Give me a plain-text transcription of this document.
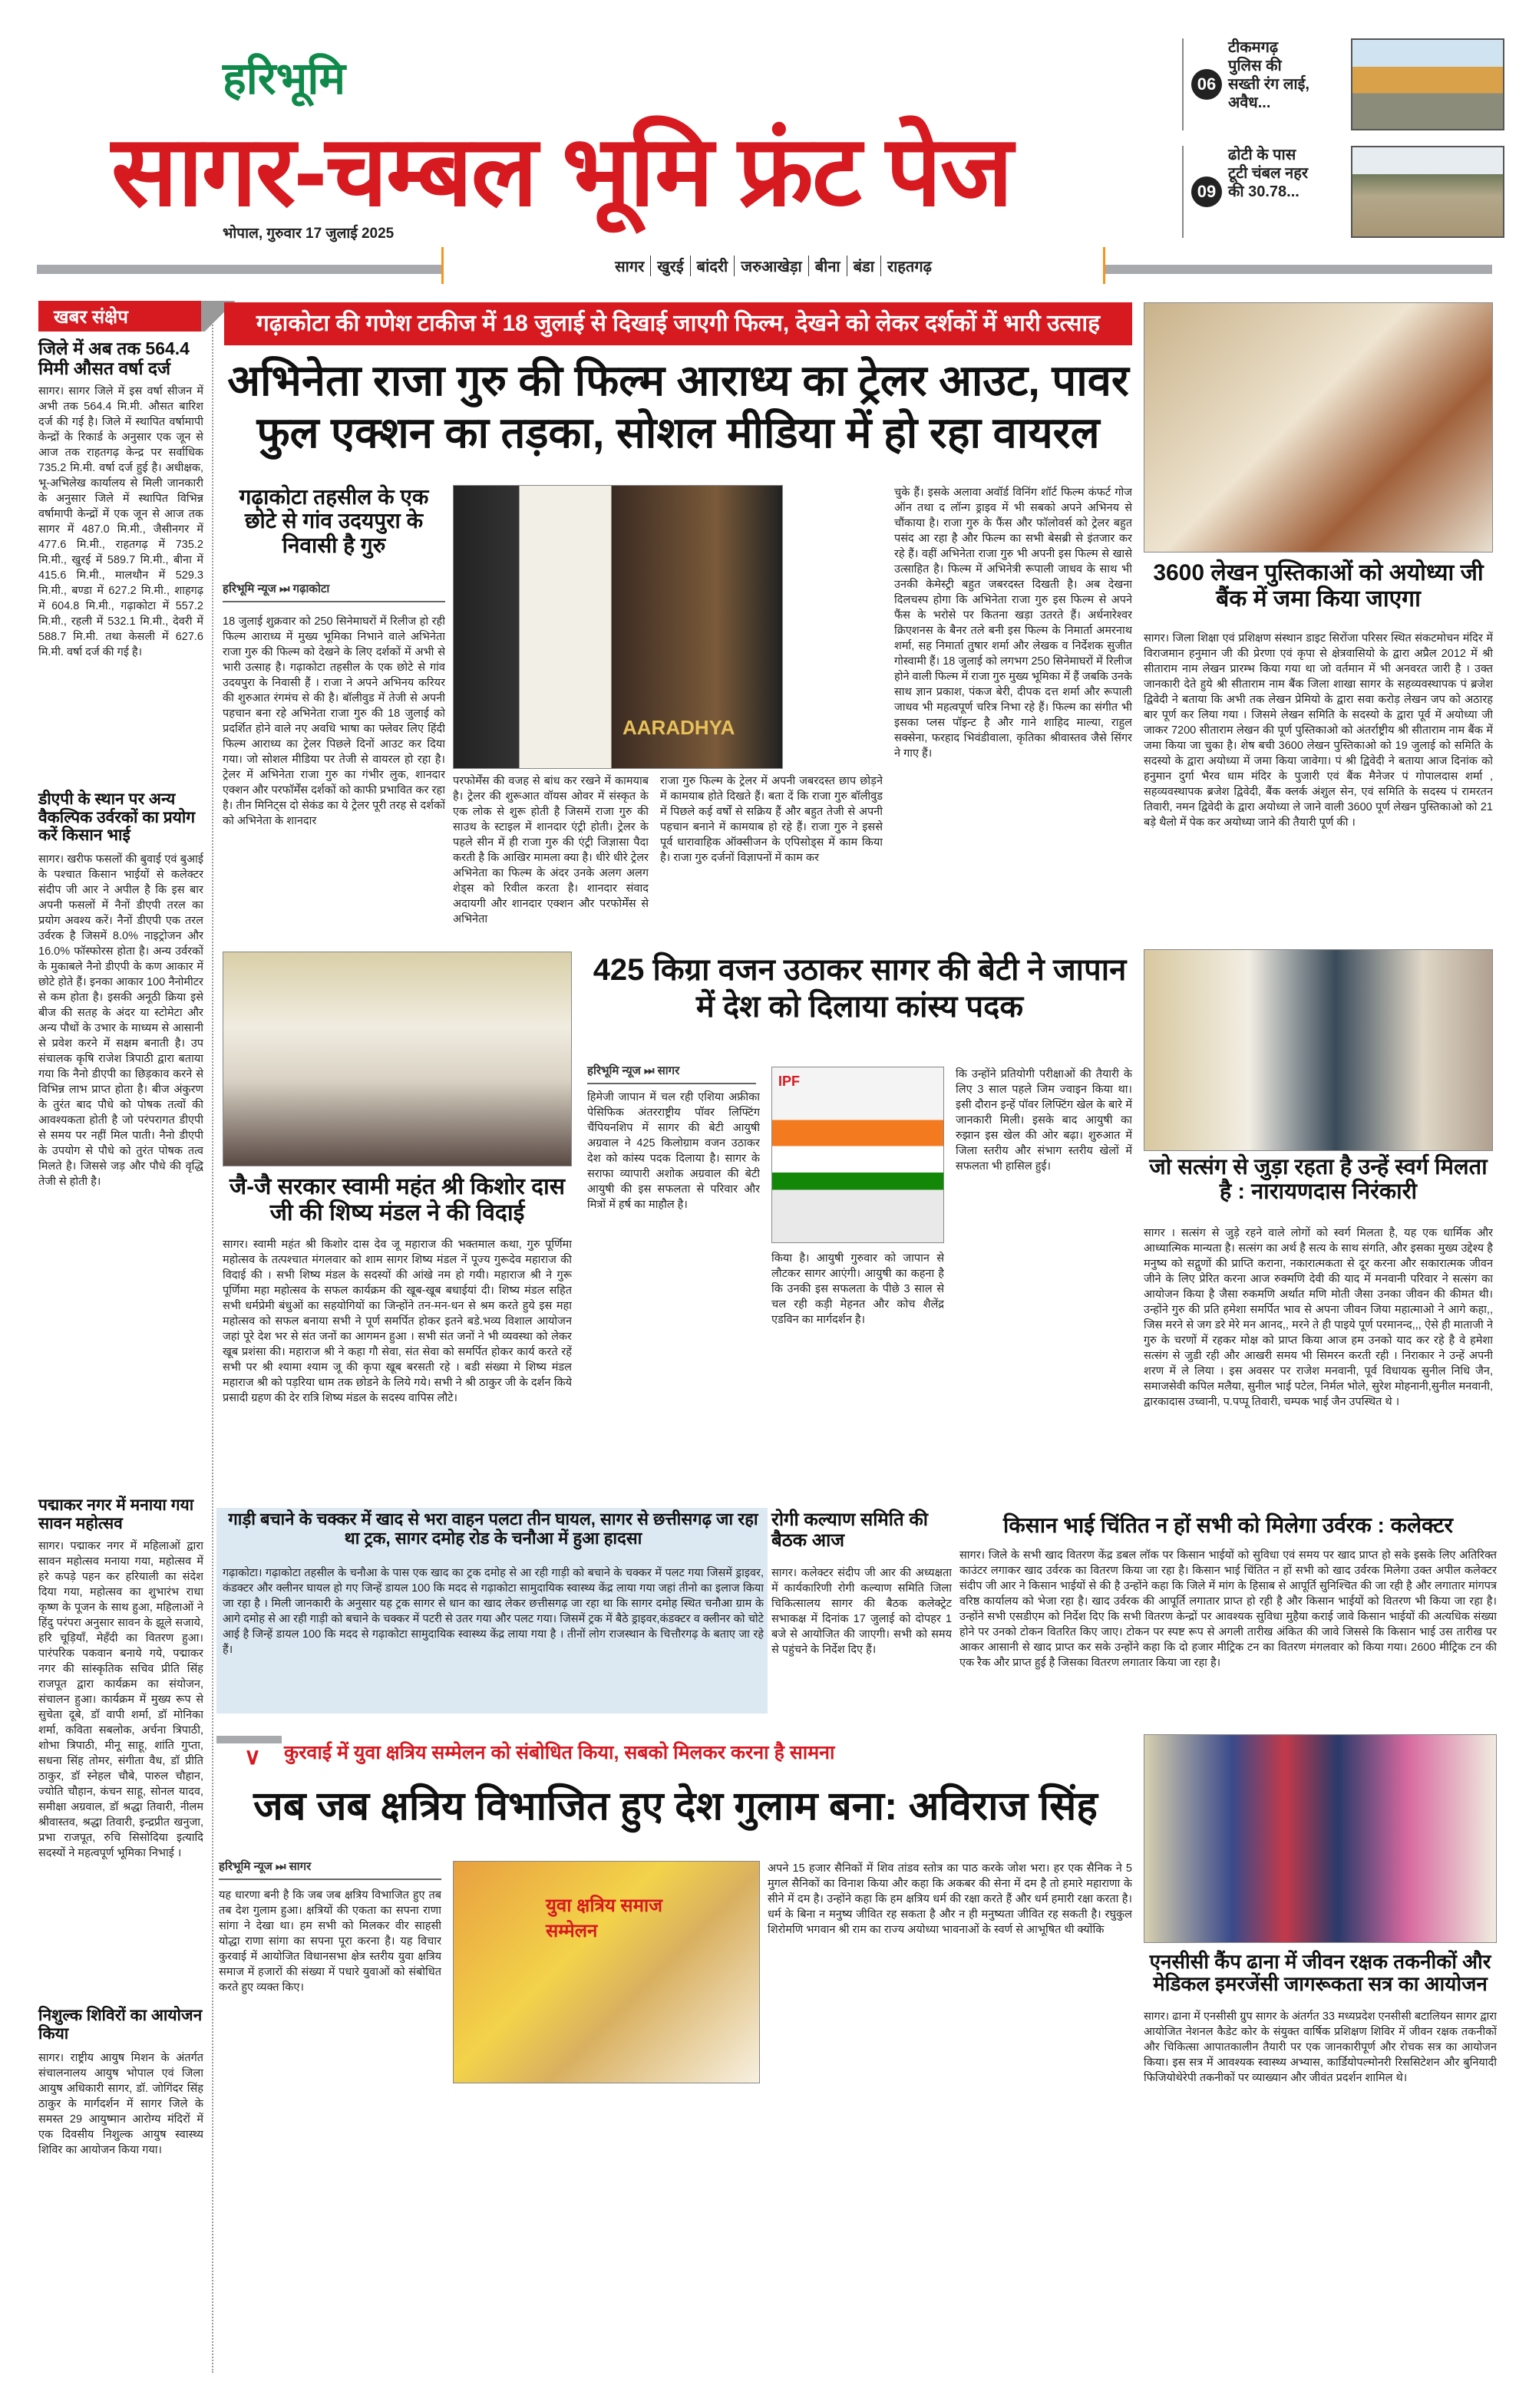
हरिभूमि
सागर-चम्बल भूमि फ्रंट पेज
भोपाल, गुरुवार 17 जुलाई 2025
06
टीकमगढ़ पुलिस की सख्ती रंग लाई, अवैध...
09
ढोटी के पास टूटी चंबल नहर की 30.78...
सागर खुरई बांदरी जरुआखेड़ा बीना बंडा राहतगढ़
खबर संक्षेप
जिले में अब तक 564.4 मिमी औसत वर्षा दर्ज
सागर। सागर जिले में इस वर्षा सीजन में अभी तक 564.4 मि.मी. औसत बारिश दर्ज की गई है। जिले में स्थापित वर्षामापी केन्द्रों के रिकार्ड के अनुसार एक जून से आज तक राहतगढ़ केन्द्र पर सर्वाधिक 735.2 मि.मी. वर्षा दर्ज हुई है। अधीक्षक, भू-अभिलेख कार्यालय से मिली जानकारी के अनुसार जिले में स्थापित विभिन्न वर्षामापी केन्द्रों में एक जून से आज तक सागर में 487.0 मि.मी., जैसीनगर में 477.6 मि.मी., राहतगढ़ में 735.2 मि.मी., खुरई में 589.7 मि.मी., बीना में 415.6 मि.मी., मालथौन में 529.3 मि.मी., बण्डा में 627.2 मि.मी., शाहगढ़ में 604.8 मि.मी., गढ़ाकोटा में 557.2 मि.मी., रहली में 532.1 मि.मी., देवरी में 588.7 मि.मी. तथा केसली में 627.6 मि.मी. वर्षा दर्ज की गई है।
डीएपी के स्थान पर अन्य वैकल्पिक उर्वरकों का प्रयोग करें किसान भाई
सागर। खरीफ फसलों की बुवाई एवं बुआई के पश्चात किसान भाईयों से कलेक्टर संदीप जी आर ने अपील है कि इस बार अपनी फसलों में नैनों डीएपी तरल का प्रयोग अवश्य करें। नैनों डीएपी एक तरल उर्वरक है जिसमें 8.0% नाइट्रोजन और 16.0% फॉस्फोरस होता है। अन्य उर्वरकों के मुकाबले नैनो डीएपी के कण आकार में छोटे होते हैं। इनका आकार 100 नैनोमीटर से कम होता है। इसकी अनूठी क्रिया इसे बीज की सतह के अंदर या स्टोमेटा और अन्य पौधों के उभार के माध्यम से आसानी से प्रवेश करने में सक्षम बनाती है। उप संचालक कृषि राजेश त्रिपाठी द्वारा बताया गया कि नैनो डीएपी का छिड़काव करने से विभिन्न लाभ प्राप्त होता है। बीज अंकुरण के तुरंत बाद पौधे को पोषक तत्वों की आवश्यकता होती है जो परंपरागत डीएपी से समय पर नहीं मिल पाती। नैनो डीएपी के उपयोग से पौधे को तुरंत पोषक तत्व मिलते है। जिससे जड़ और पौधे की वृद्धि तेजी से होती है।
पद्माकर नगर में मनाया गया सावन महोत्सव
सागर। पद्माकर नगर में महिलाओं द्वारा सावन महोत्सव मनाया गया, महोत्सव में हरे कपड़े पहन कर हरियाली का संदेश दिया गया, महोत्सव का शुभारंभ राधा कृष्ण के पूजन के साथ हुआ, महिलाओं ने हिंदु परंपरा अनुसार सावन के झूले सजाये, हरि चूड़ियाँ, मेहँदी का वितरण हुआ। पारंपरिक पकवान बनाये गये, पद्माकर नगर की सांस्कृतिक सचिव प्रीति सिंह राजपूत द्वारा कार्यक्रम का संयोजन, संचालन हुआ। कार्यक्रम में मुख्य रूप से सुचेता दूबे, डॉ वापी शर्मा, डॉ मोनिका शर्मा, कविता सबलोक, अर्चना त्रिपाठी, शोभा त्रिपाठी, मीनू साहू, शांति गुप्ता, सधना सिंह तोमर, संगीता वैध, डॉ प्रीति ठाकुर, डॉ स्नेहल चौबे, पारुल चौहान, ज्योति चौहान, कंचन साहू, सोनल यादव, समीक्षा अग्रवाल, डॉ श्रद्धा तिवारी, नीलम श्रीवास्तव, श्रद्धा तिवारी, इन्द्रप्रीत खनुजा, प्रभा राजपूत, रुचि सिसोदिया इत्यादि सदस्यों ने महत्वपूर्ण भूमिका निभाई ।
निशुल्क शिविरों का आयोजन किया
सागर। राष्ट्रीय आयुष मिशन के अंतर्गत संचालनालय आयुष भोपाल एवं जिला आयुष अधिकारी सागर, डॉ. जोगिंदर सिंह ठाकुर के मार्गदर्शन में सागर जिले के समस्त 29 आयुष्मान आरोग्य मंदिरों में एक दिवसीय निशुल्क आयुष स्वास्थ्य शिविर का आयोजन किया गया।
गढ़ाकोटा की गणेश टाकीज में 18 जुलाई से दिखाई जाएगी फिल्म, देखने को लेकर दर्शकों में भारी उत्साह
अभिनेता राजा गुरु की फिल्म आराध्य का ट्रेलर आउट, पावर फुल एक्शन का तड़का, सोशल मीडिया में हो रहा वायरल
गढ़ाकोटा तहसील के एक छोटे से गांव उदयपुरा के निवासी है गुरु
हरिभूमि न्यूज ⏭ गढ़ाकोटा
AARADHYA
18 जुलाई शुक्रवार को 250 सिनेमाघरों में रिलीज हो रही फिल्म आराध्य में मुख्य भूमिका निभाने वाले अभिनेता राजा गुरु की फिल्म को देखने के लिए दर्शकों में अभी से भारी उत्साह है। गढ़ाकोटा तहसील के एक छोटे से गांव उदयपुरा के निवासी हैं । राजा ने अपने अभिनय करियर की शुरुआत रंगमंच से की है। बॉलीवुड में तेजी से अपनी पहचान बना रहे अभिनेता राजा गुरु की 18 जुलाई को प्रदर्शित होने वाले नए अवधि भाषा का फ्लेवर लिए हिंदी फिल्म आराध्य का ट्रेलर पिछले दिनों आउट कर दिया गया। जो सोशल मीडिया पर तेजी से वायरल हो रहा है। ट्रेलर में अभिनेता राजा गुरु का गंभीर लुक, शानदार एक्शन और परफॉर्मेंस दर्शकों को काफी प्रभावित कर रहा है। तीन मिनिट्स दो सेकंड का ये ट्रेलर पूरी तरह से दर्शकों को अभिनेता के शानदार
परफोर्मेंस की वजह से बांध कर रखने में कामयाब है। ट्रेलर की शुरूआत वॉयस ओवर में संस्कृत के एक लोक से शुरू होती है जिसमें राजा गुरु की साउथ के स्टाइल में शानदार एंट्री होती। ट्रेलर के पहले सीन में ही राजा गुरु की एंट्री जिज्ञासा पैदा करती है कि आखिर मामला क्या है। धीरे धीरे ट्रेलर अभिनेता का फिल्म के अंदर उनके अलग अलग शेड्स को रिवील करता है। शानदार संवाद अदायगी और शानदार एक्शन और परफोर्मेंस से अभिनेता
राजा गुरु फिल्म के ट्रेलर में अपनी जबरदस्त छाप छोड़ने में कामयाब होते दिखते हैं। बता दें कि राजा गुरु बॉलीवुड में पिछले कई वर्षों से सक्रिय हैं और बहुत तेजी से अपनी पहचान बनाने में कामयाब हो रहे हैं। राजा गुरु ने इससे पूर्व धारावाहिक ऑक्सीजन के एपिसोड्स में काम किया है। राजा गुरु दर्जनों विज्ञापनों में काम कर
चुके हैं। इसके अलावा अवॉर्ड विनिंग शॉर्ट फिल्म कंफर्ट गोज ऑन तथा द लॉन्ग ड्राइव में भी सबको अपने अभिनय से चौंकाया है। राजा गुरु के फैंस और फॉलोवर्स को ट्रेलर बहुत पसंद आ रहा है और फिल्म का सभी बेसब्री से इंतजार कर रहे हैं। वहीं अभिनेता राजा गुरु भी अपनी इस फिल्म से खासे उत्साहित है। फिल्म में अभिनेत्री रूपाली जाधव के साथ भी उनकी केमेस्ट्री बहुत जबरदस्त दिखती है। अब देखना दिलचस्प होगा कि अभिनेता राजा गुरु इस फिल्म से अपने फैंस के भरोसे पर कितना खड़ा उतरते हैं। अर्धनारेश्वर क्रिएशनस के बैनर तले बनी इस फिल्म के निमार्ता अमरनाथ शर्मा, सह निमार्ता तुषार शर्मा और लेखक व निर्देशक सुजीत गोस्वामी हैं। 18 जुलाई को लगभग 250 सिनेमाघरों में रिलीज होने वाली फिल्म में राजा गुरु मुख्य भूमिका में हैं जबकि उनके साथ ज्ञान प्रकाश, पंकज बेरी, दीपक दत्त शर्मा और रूपाली जाधव भी महत्वपूर्ण चरित्र निभा रहे हैं। फिल्म का संगीत भी इसका प्लस पॉइन्ट है और गाने शाहिद माल्या, राहुल सक्सेना, फरहाद भिवंडीवाला, कृतिका श्रीवास्तव जैसे सिंगर ने गाए हैं।
3600 लेखन पुस्तिकाओं को अयोध्या जी बैंक में जमा किया जाएगा
सागर। जिला शिक्षा एवं प्रशिक्षण संस्थान डाइट सिरोंजा परिसर स्थित संकटमोचन मंदिर में विराजमान हनुमान जी की प्रेरणा एवं कृपा से क्षेत्रवासियो के द्वारा अप्रैल 2012 में श्री सीताराम नाम लेखन प्रारम्भ किया गया था जो वर्तमान में भी अनवरत जारी है । उक्त जानकारी देते हुये श्री सीताराम नाम बैंक जिला शाखा सागर के सहव्यवस्थापक पं ब्रजेश द्विवेदी ने बताया कि अभी तक लेखन प्रेमियो के द्वारा सवा करोड़ लेखन जप को अठारह बार पूर्ण कर लिया गया । जिसमे लेखन समिति के सदस्यो के द्वारा पूर्व में अयोध्या जी जाकर 7200 सीताराम लेखन की पूर्ण पुस्तिकाओ को अंतर्राष्ट्रीय श्री सीताराम नाम बैंक में जमा किया जा चुका है। शेष बची 3600 लेखन पुस्तिकाओ को 19 जुलाई को समिति के सदस्यो के द्वारा अयोध्या में जमा किया जावेगा। पं श्री द्विवेदी ने बताया आज दिनांक को हनुमान दुर्गा भैरव धाम मंदिर के पुजारी एवं बैंक मैनेजर पं गोपालदास शर्मा , सहव्यवस्थापक ब्रजेश द्विवेदी, बैंक क्लर्क अंशुल सेन, एवं समिति के सदस्य पं रामरतन तिवारी, नमन द्विवेदी के द्वारा अयोध्या ले जाने वाली 3600 पूर्ण लेखन पुस्तिकाओ को 21 बड़े थैलो में पेक कर अयोध्या जाने की तैयारी पूर्ण की ।
जै-जै सरकार स्वामी महंत श्री किशोर दास जी की शिष्य मंडल ने की विदाई
सागर। स्वामी महंत श्री किशोर दास देव जू महाराज की भक्तमाल कथा, गुरु पूर्णिमा महोत्सव के तत्पश्चात मंगलवार को शाम सागर शिष्य मंडल नें पूज्य गुरूदेव महाराज की विदाई की । सभी शिष्य मंडल के सदस्यों की आंखे नम हो गयी। महाराज श्री ने गुरू पूर्णिमा महा महोत्सव के सफल कार्यक्रम की खूब-खूब बधाईयां दी। शिष्य मंडल सहित सभी धर्मप्रेमी बंधुओं का सहयोगियों का जिन्होंने तन-मन-धन से श्रम करते हुये इस महा महोत्सव को सफल बनाया सभी ने पूर्ण समर्पित होकर इतने बडे.भव्य विशाल आयोजन जहां पूरे देश भर से संत जनों का आगमन हुआ । सभी संत जनों ने भी व्यवस्था को लेकर खूब प्रशंसा की। महाराज श्री ने कहा गौ सेवा, संत सेवा को समर्पित होकर कार्य करते रहें सभी पर श्री श्यामा श्याम जू की कृपा खूब बरसती रहे । बडी संख्या मे शिष्य मंडल महाराज श्री को पड़रिया धाम तक छोडने के लिये गये। सभी ने श्री ठाकुर जी के दर्शन किये प्रसादी ग्रहण की देर रात्रि शिष्य मंडल के सदस्य वापिस लौटे।
425 किग्रा वजन उठाकर सागर की बेटी ने जापान में देश को दिलाया कांस्य पदक
हरिभूमि न्यूज ⏭ सागर
हिमेजी जापान में चल रही एशिया अफ्रीका पेसिफिक अंतरराष्ट्रीय पॉवर लिफ्टिंग चैंपियनशिप में सागर की बेटी आयुषी अग्रवाल ने 425 किलोग्राम वजन उठाकर देश को कांस्य पदक दिलाया है। सागर के सराफा व्यापारी अशोक अग्रवाल की बेटी आयुषी की इस सफलता से परिवार और मित्रों में हर्ष का माहौल है।
IPF
किया है। आयुषी गुरुवार को जापान से लौटकर सागर आएंगी। आयुषी का कहना है कि उनकी इस सफलता के पीछे 3 साल से चल रही कड़ी मेहनत और कोच शैलेंद्र एडविन का मार्गदर्शन है।
कि उन्होंने प्रतियोगी परीक्षाओं की तैयारी के लिए 3 साल पहले जिम ज्वाइन किया था। इसी दौरान इन्हें पॉवर लिफ्टिंग खेल के बारे में जानकारी मिली। इसके बाद आयुषी का रुझान इस खेल की ओर बढ़ा। शुरुआत में जिला स्तरीय और संभाग स्तरीय खेलों में सफलता भी हासिल हुई।	जो सत्संग से जुड़ा रहता है उन्हें स्वर्ग मिलता है : नारायणदास निरंकारी
सागर । सत्संग से जुड़े रहने वाले लोगों को स्वर्ग मिलता है, यह एक धार्मिक और आध्यात्मिक मान्यता है। सत्संग का अर्थ है सत्य के साथ संगति, और इसका मुख्य उद्देश्य है मनुष्य को सद्गुणों की प्राप्ति कराना, नकारात्मकता से दूर करना और सकारात्मक जीवन जीने के लिए प्रेरित करना आज रुक्मणि देवी की याद में मनवानी परिवार ने सत्संग का आयोजन किया है जैसा रुकमणि अर्थात मणि मोती जैसा उनका जीवन की कीमत थी। उन्होंने गुरु की प्रति हमेशा समर्पित भाव से अपना जीवन जिया महात्माओ ने आगे कहा,, जिस मरने से जग डरे मेरे मन आनद,, मरने ते ही पाइये पूर्ण परमानन्द,,, ऐसे ही माताजी ने गुरु के चरणों में रहकर मोक्ष को प्राप्त किया आज हम उनको याद कर रहे है वे हमेशा सत्संग से जुडी रही और आखरी समय भी सिमरन करती रही । निराकार ने उन्हें अपनी शरण में ले लिया । इस अवसर पर राजेश मनवानी, पूर्व विधायक सुनील निधि जैन, समाजसेवी कपिल मलैया, सुनील भाई पटेल, निर्मल भोले, सुरेश मोहनानी,सुनील मनवानी, द्वारकादास उच्वानी, प.पप्पू तिवारी, चम्पक भाई जैन उपस्थित थे ।
गाड़ी बचाने के चक्कर में खाद से भरा वाहन पलटा तीन घायल, सागर से छत्तीसगढ़ जा रहा था ट्रक, सागर दमोह रोड के चनौआ में हुआ हादसा
गढ़ाकोटा। गढ़ाकोटा तहसील के चनौआ के पास एक खाद का ट्रक दमोह से आ रही गाड़ी को बचाने के चक्कर में पलट गया जिसमें ड्राइवर, कंडक्टर और क्लीनर घायल हो गए जिन्हें डायल 100 कि मदद से गढ़ाकोटा सामुदायिक स्वास्थ्य केंद्र लाया गया जहां तीनो का इलाज किया जा रहा है । मिली जानकारी के अनुसार यह ट्रक सागर से धान का खाद लेकर छत्तीसगढ़ जा रहा था कि सागर दमोह स्थित चनौआ ग्राम के आगे दमोह से आ रही गाड़ी को बचाने के चक्कर में पटरी से उतर गया और पलट गया। जिसमें ट्रक में बैठे ड्राइवर,कंडक्टर व क्लीनर को चोटे आई है जिन्हें डायल 100 कि मदद से गढ़ाकोटा सामुदायिक स्वास्थ्य केंद्र लाया गया है । तीनों लोग राजस्थान के चित्तौरगढ़ के बताए जा रहे हैं।
रोगी कल्याण समिति की बैठक आज
सागर। कलेक्टर संदीप जी आर की अध्यक्षता में कार्यकारिणी रोगी कल्याण समिति जिला चिकित्सालय सागर की बैठक कलेक्ट्रेट सभाकक्ष में दिनांक 17 जुलाई को दोपहर 1 बजे से आयोजित की जाएगी। सभी को समय से पहुंचने के निर्देश दिए हैं।
किसान भाई चिंतित न हों सभी को मिलेगा उर्वरक : कलेक्टर
सागर। जिले के सभी खाद वितरण केंद्र डबल लॉक पर किसान भाईयों को सुविधा एवं समय पर खाद प्राप्त हो सके इसके लिए अतिरिक्त काउंटर लगाकर खाद उर्वरक का वितरण किया जा रहा है। किसान भाई चिंतित न हों सभी को खाद उर्वरक मिलेगा उक्त अपील कलेक्टर संदीप जी आर ने किसान भाईयों से की है उन्होंने कहा कि जिले में मांग के हिसाब से आपूर्ति सुनिश्चित की जा रही है और लगातार मांगपत्र वरिष्ठ कार्यालय को भेजा रहा है। खाद उर्वरक की आपूर्ति लगातार प्राप्त हो रही है और किसान भाईयों को वितरण भी किया जा रहा है। उन्होंने सभी एसडीएम को निर्देश दिए कि सभी वितरण केन्द्रों पर आवश्यक सुविधा मुहैया कराई जावे किसान भाईयों की अत्यधिक संख्या होने पर उनको टोकन वितरित किए जाए। टोकन पर स्पष्ट रूप से अगली तारीख अंकित की जावे जिससे कि किसान भाई उस तारीख पर आकर आसानी से खाद प्राप्त कर सके उन्होंने कहा कि दो हजार मीट्रिक टन का वितरण मंगलवार को किया गया। 2600 मीट्रिक टन की एक रैक और प्राप्त हुई है जिसका वितरण लगातार किया जा रहा है।
∨ कुरवाई में युवा क्षत्रिय सम्मेलन को संबोधित किया, सबको मिलकर करना है सामना
जब जब क्षत्रिय विभाजित हुए देश गुलाम बना: अविराज सिंह
हरिभूमि न्यूज ⏭ सागर
यह धारणा बनी है कि जब जब क्षत्रिय विभाजित हुए तब तब देश गुलाम हुआ। क्षत्रियों की एकता का सपना राणा सांगा ने देखा था। हम सभी को मिलकर वीर साहसी योद्धा राणा सांगा का सपना पूरा करना है। यह विचार कुरवाई में आयोजित विधानसभा क्षेत्र स्तरीय युवा क्षत्रिय समाज में हजारों की संख्या में पधारे युवाओं को संबोधित करते हुए व्यक्त किए।
युवा क्षत्रिय समाज सम्मेलन
अपने 15 हजार सैनिकों में शिव तांडव स्तोत्र का पाठ करके जोश भरा। हर एक सैनिक ने 5 मुगल सैनिकों का विनाश किया और कहा कि अकबर की सेना में दम है तो हमारे महाराणा के सीने में दम है। उन्होंने कहा कि हम क्षत्रिय धर्म की रक्षा करते हैं और धर्म हमारी रक्षा करता है। धर्म के बिना न मनुष्य जीवित रह सकता है और न ही मनुष्यता जीवित रह सकती है। रघुकुल शिरोमणि भगवान श्री राम का राज्य अयोध्या भावनाओं के स्वर्ण से आभूषित थी क्योंकि
एनसीसी कैंप ढाना में जीवन रक्षक तकनीकों और मेडिकल इमरजेंसी जागरूकता सत्र का आयोजन
सागर। ढाना में एनसीसी ग्रुप सागर के अंतर्गत 33 मध्यप्रदेश एनसीसी बटालियन सागर द्वारा आयोजित नेशनल कैडेट कोर के संयुक्त वार्षिक प्रशिक्षण शिविर में जीवन रक्षक तकनीकों और चिकित्सा आपातकालीन तैयारी पर एक जानकारीपूर्ण और रोचक सत्र का आयोजन किया। इस सत्र में आवश्यक स्वास्थ्य अभ्यास, कार्डियोपल्मोनरी रिससिटेशन और बुनियादी फिजियोथेरेपी तकनीकों पर व्याख्यान और जीवंत प्रदर्शन शामिल थे।
